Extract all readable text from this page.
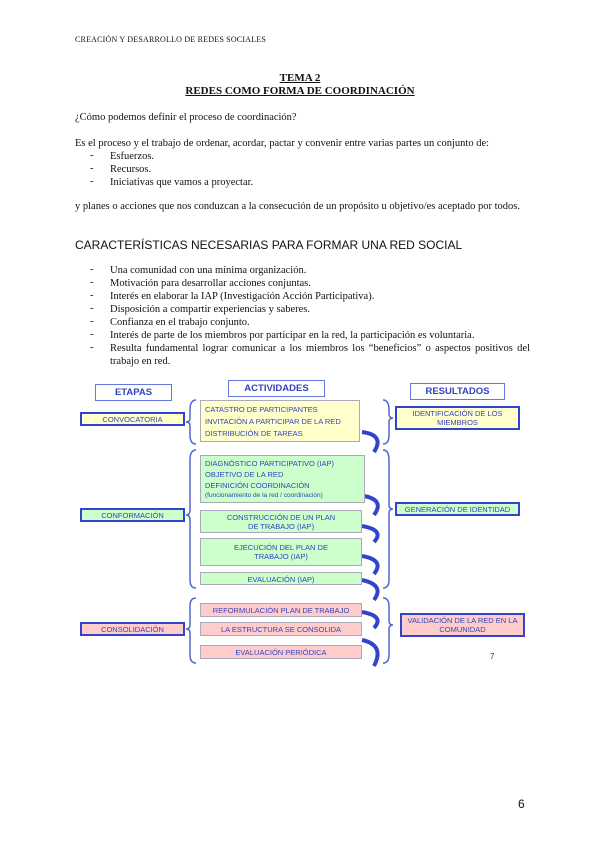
CREACIÓN Y DESARROLLO DE REDES SOCIALES
TEMA 2
REDES COMO FORMA DE COORDINACIÓN
¿Cómo podemos definir el proceso de coordinación?
Es el proceso y el trabajo de ordenar, acordar, pactar y convenir entre varias partes un conjunto de:
- Esfuerzos.
- Recursos.
- Iniciativas que vamos a proyectar.
y planes o acciones que nos conduzcan a la consecución de un propósito u objetivo/es aceptado por todos.
CARACTERÍSTICAS NECESARIAS PARA FORMAR UNA RED SOCIAL
- Una comunidad con una mínima organización.
- Motivación para desarrollar acciones conjuntas.
- Interés en elaborar la IAP (Investigación Acción Participativa).
- Disposición a compartir experiencias y saberes.
- Confianza en el trabajo conjunto.
- Interés de parte de los miembros por participar en la red, la participación es voluntaria.
- Resulta fundamental lograr comunicar a los miembros los “beneficios” o aspectos positivos del trabajo en red.
ETAPAS	ACTIVIDADES	RESULTADOS
CONVOCATORIA
CONFORMACIÓN
CONSOLIDACIÓN
IDENTIFICACIÓN DE LOS MIEMBROS
GENERACIÓN DE IDENTIDAD
VALIDACIÓN DE LA RED EN LA COMUNIDAD
CATASTRO DE PARTICIPANTES
INVITACIÓN A PARTICIPAR DE LA RED
DISTRIBUCIÓN DE TAREAS
DIAGNÓSTICO PARTICIPATIVO (IAP)
OBJETIVO DE LA RED
DEFINICIÓN COORDINACIÓN
(funcionamiento de la red / coordinación)
CONSTRUCCIÓN DE UN PLAN DE TRABAJO (IAP)
EJECUCIÓN DEL PLAN DE TRABAJO (IAP)
EVALUACIÓN (IAP)
REFORMULACIÓN PLAN DE TRABAJO
LA ESTRUCTURA SE CONSOLIDA
EVALUACIÓN PERIÓDICA	7
6
